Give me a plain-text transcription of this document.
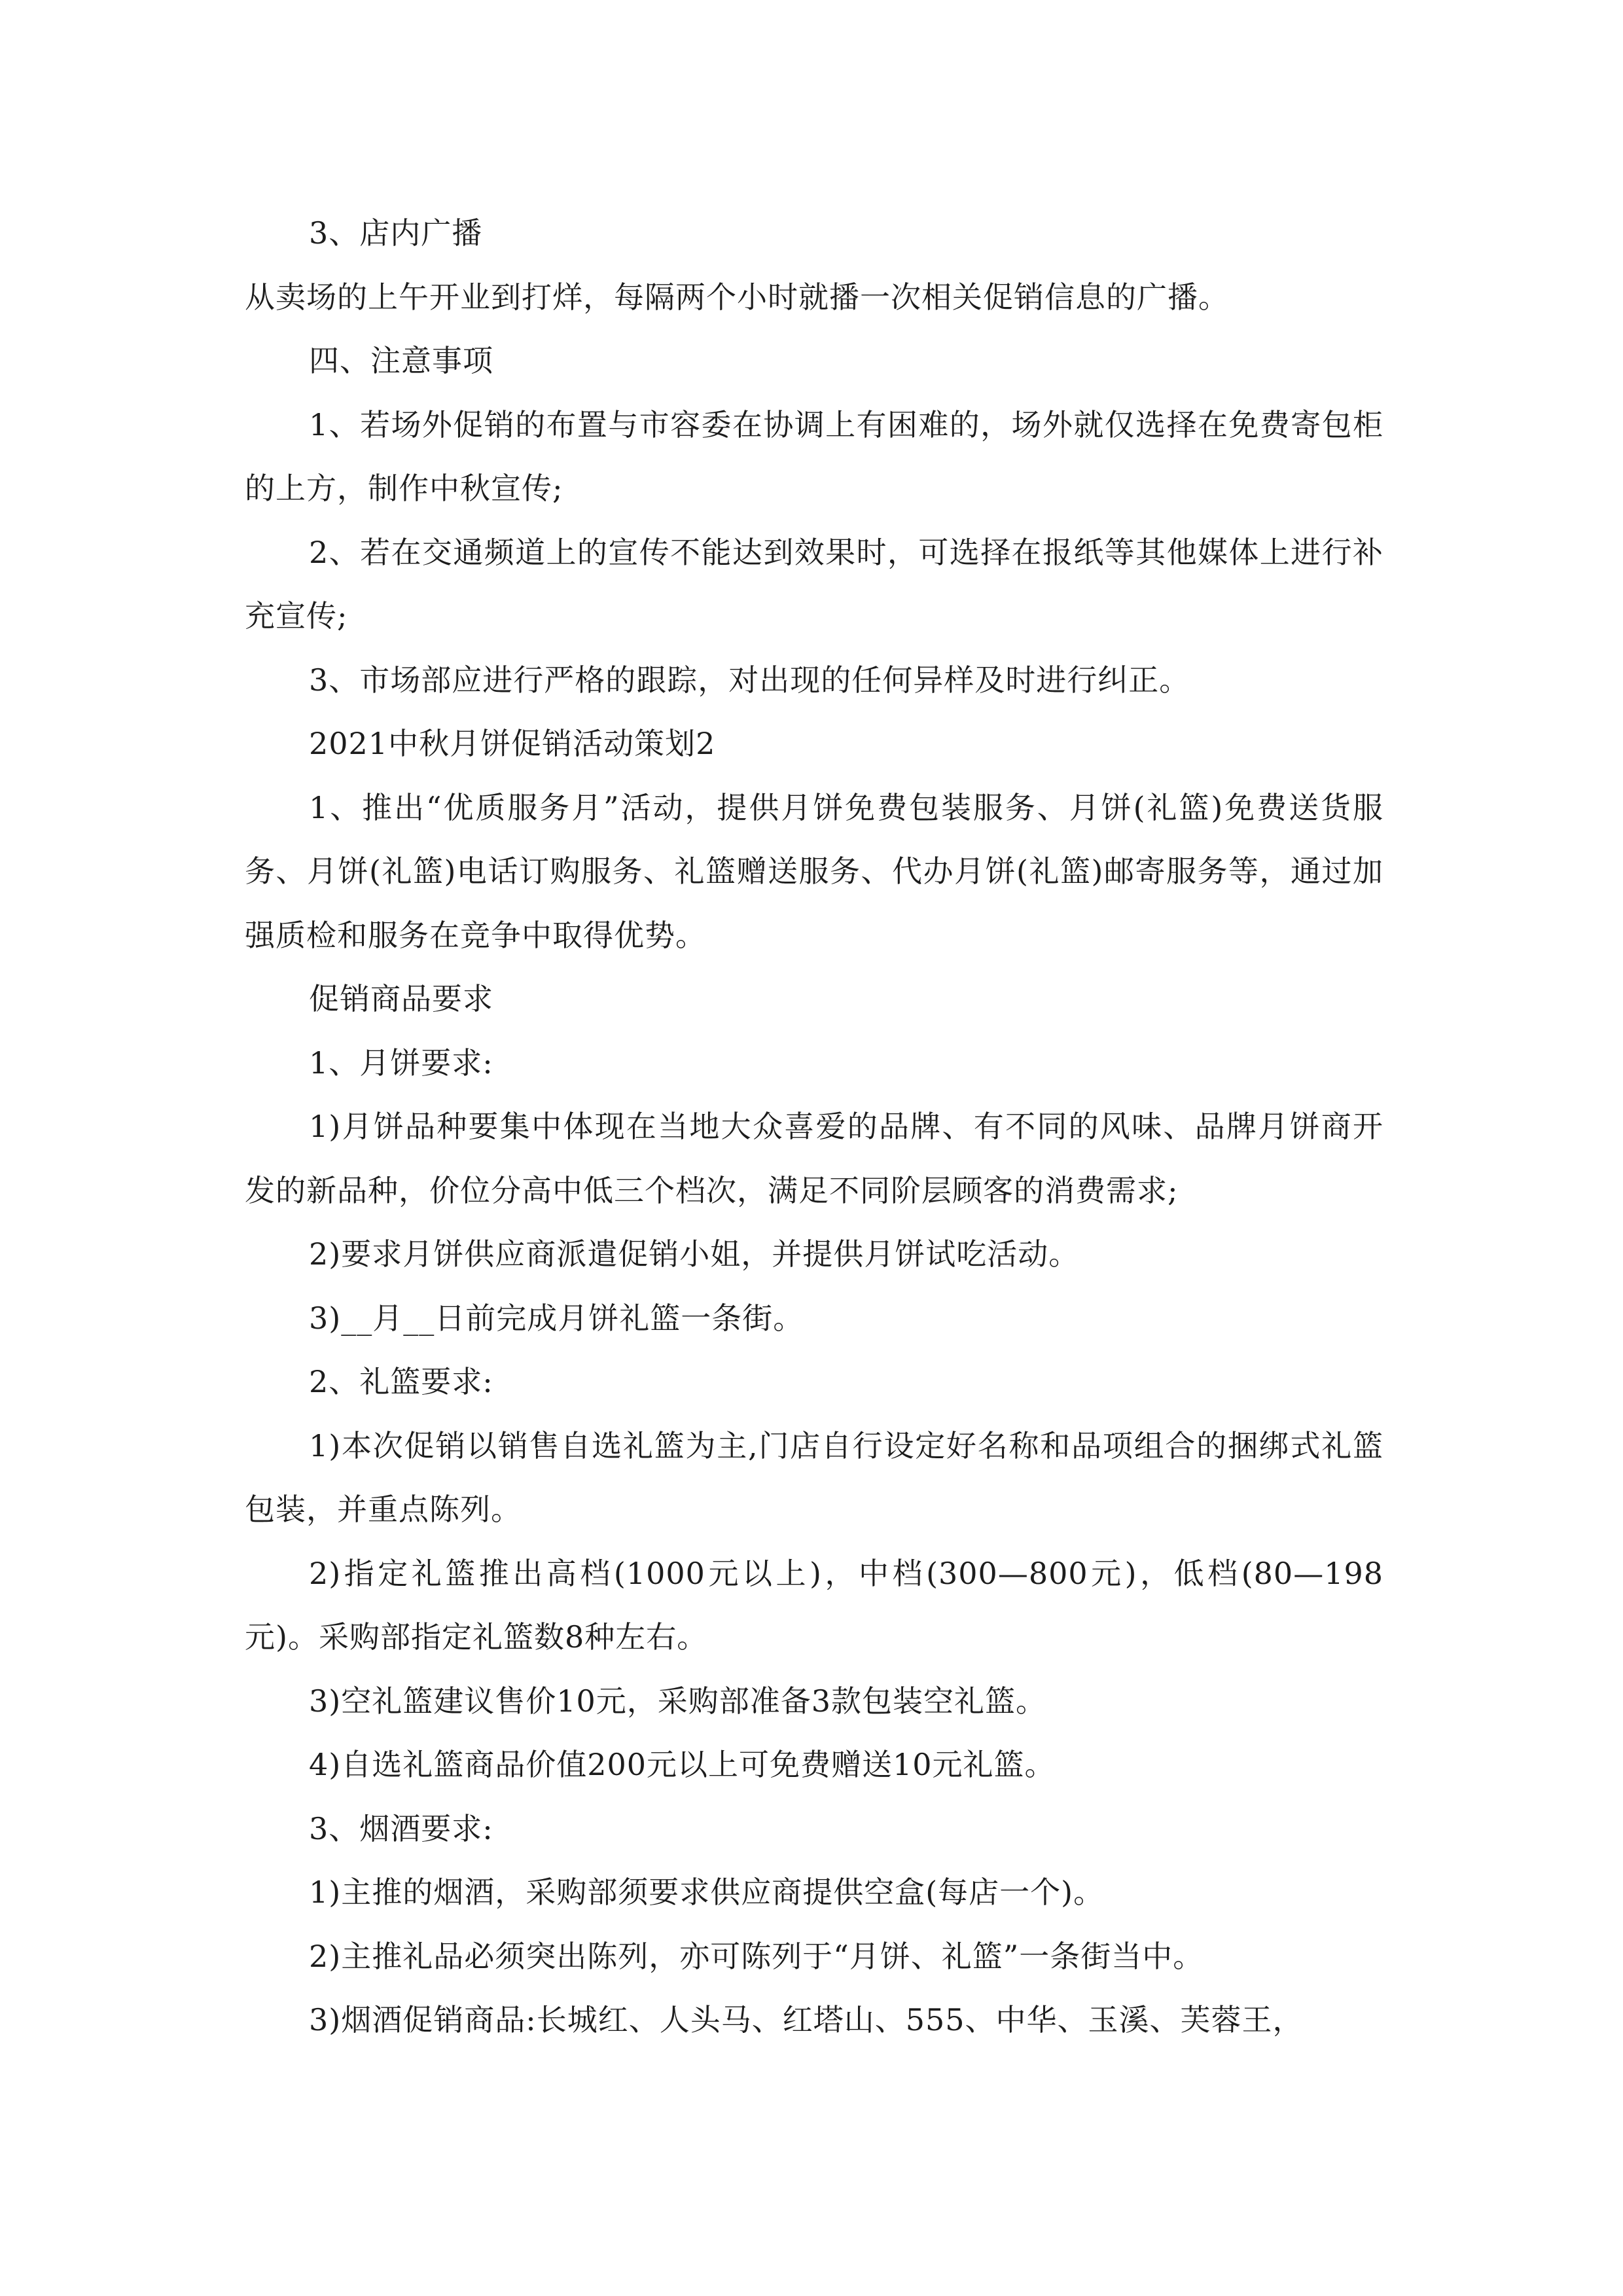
3、店内广播

从卖场的上午开业到打烊，每隔两个小时就播一次相关促销信息的广播。

四、注意事项

1、若场外促销的布置与市容委在协调上有困难的，场外就仅选择在免费寄包柜的上方，制作中秋宣传;

2、若在交通频道上的宣传不能达到效果时，可选择在报纸等其他媒体上进行补充宣传;

3、市场部应进行严格的跟踪，对出现的任何异样及时进行纠正。

2021中秋月饼促销活动策划2

1、推出“优质服务月”活动，提供月饼免费包装服务、月饼(礼篮)免费送货服务、月饼(礼篮)电话订购服务、礼篮赠送服务、代办月饼(礼篮)邮寄服务等，通过加强质检和服务在竞争中取得优势。

促销商品要求

1、月饼要求:

1)月饼品种要集中体现在当地大众喜爱的品牌、有不同的风味、品牌月饼商开发的新品种，价位分高中低三个档次，满足不同阶层顾客的消费需求;

2)要求月饼供应商派遣促销小姐，并提供月饼试吃活动。

3)__月__日前完成月饼礼篮一条街。

2、礼篮要求:

1)本次促销以销售自选礼篮为主,门店自行设定好名称和品项组合的捆绑式礼篮包装，并重点陈列。

2)指定礼篮推出高档(1000元以上)，中档(300—800元)，低档(80—198元)。采购部指定礼篮数8种左右。

3)空礼篮建议售价10元，采购部准备3款包装空礼篮。

4)自选礼篮商品价值200元以上可免费赠送10元礼篮。

3、烟酒要求:

1)主推的烟酒，采购部须要求供应商提供空盒(每店一个)。

2)主推礼品必须突出陈列，亦可陈列于“月饼、礼篮”一条街当中。

3)烟酒促销商品:长城红、人头马、红塔山、555、中华、玉溪、芙蓉王，
